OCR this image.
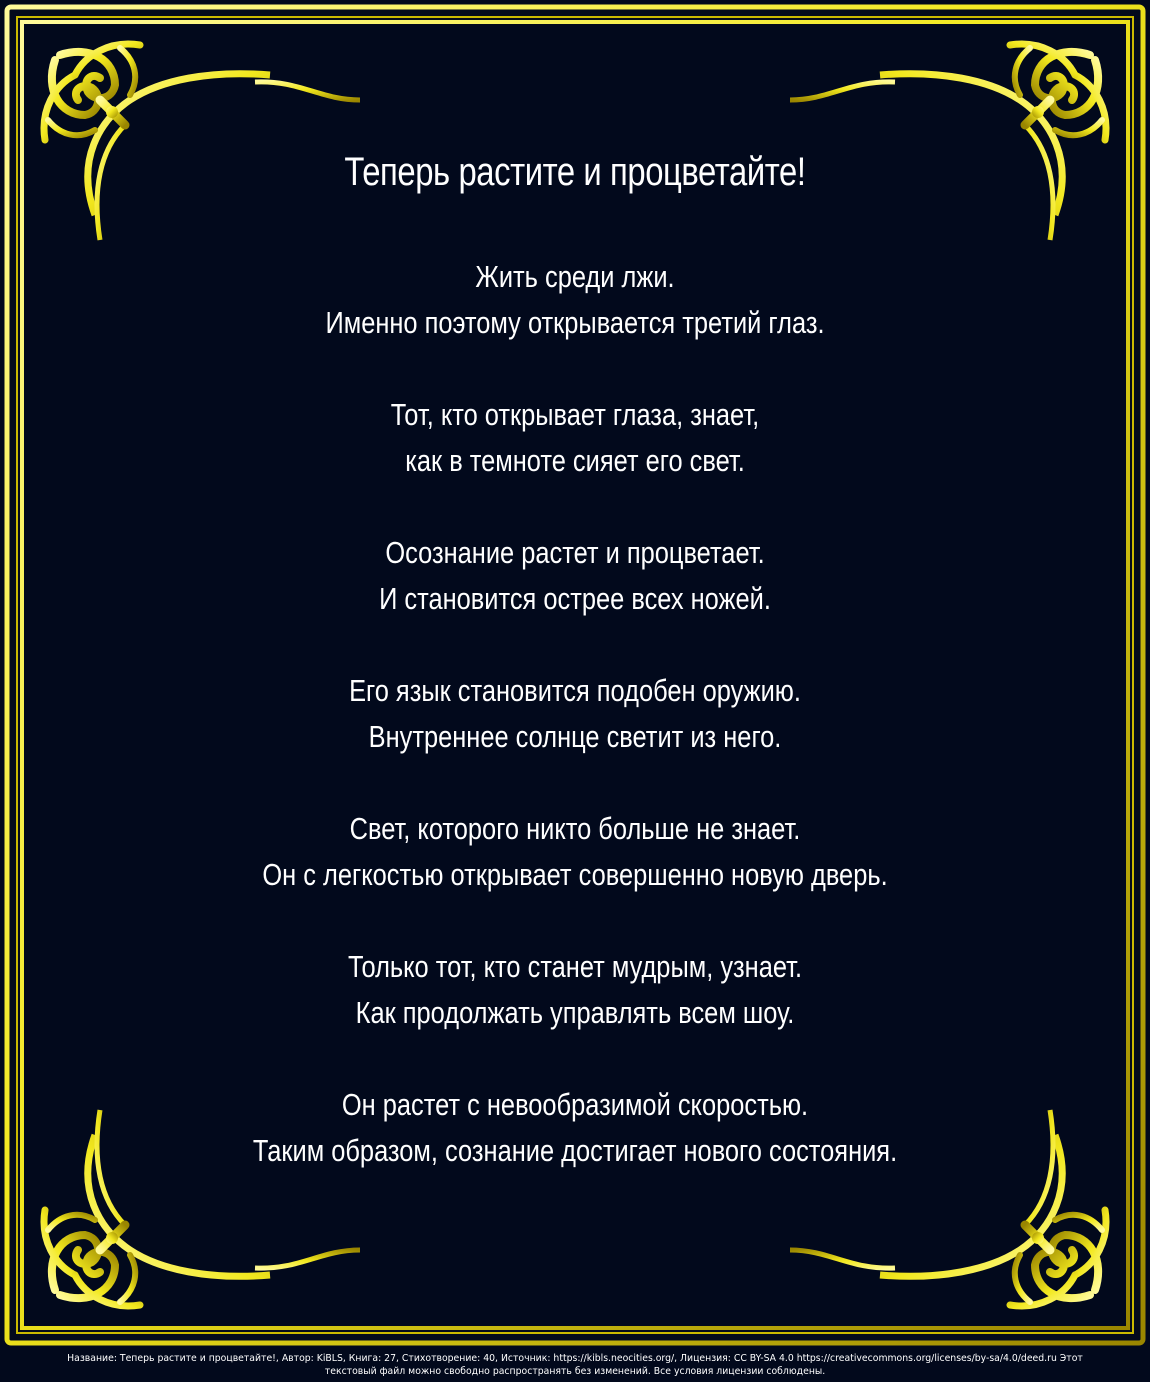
Теперь растите и процветайте!
Жить среди лжи.
Именно поэтому открывается третий глаз.
Тот, кто открывает глаза, знает,
как в темноте сияет его свет.
Осознание растет и процветает.
И становится острее всех ножей.
Его язык становится подобен оружию.
Внутреннее солнце светит из него.
Свет, которого никто больше не знает.
Он с легкостью открывает совершенно новую дверь.
Только тот, кто станет мудрым, узнает.
Как продолжать управлять всем шоу.
Он растет с невообразимой скоростью.
Таким образом, сознание достигает нового состояния.
Название: Теперь растите и процветайте!, Автор: KiBLS, Книга: 27, Стихотворение: 40, Источник: https://kibls.neocities.org/, Лицензия: CC BY-SA 4.0 https://creativecommons.org/licenses/by-sa/4.0/deed.ru Этот
текстовый файл можно свободно распространять без изменений. Все условия лицензии соблюдены.
